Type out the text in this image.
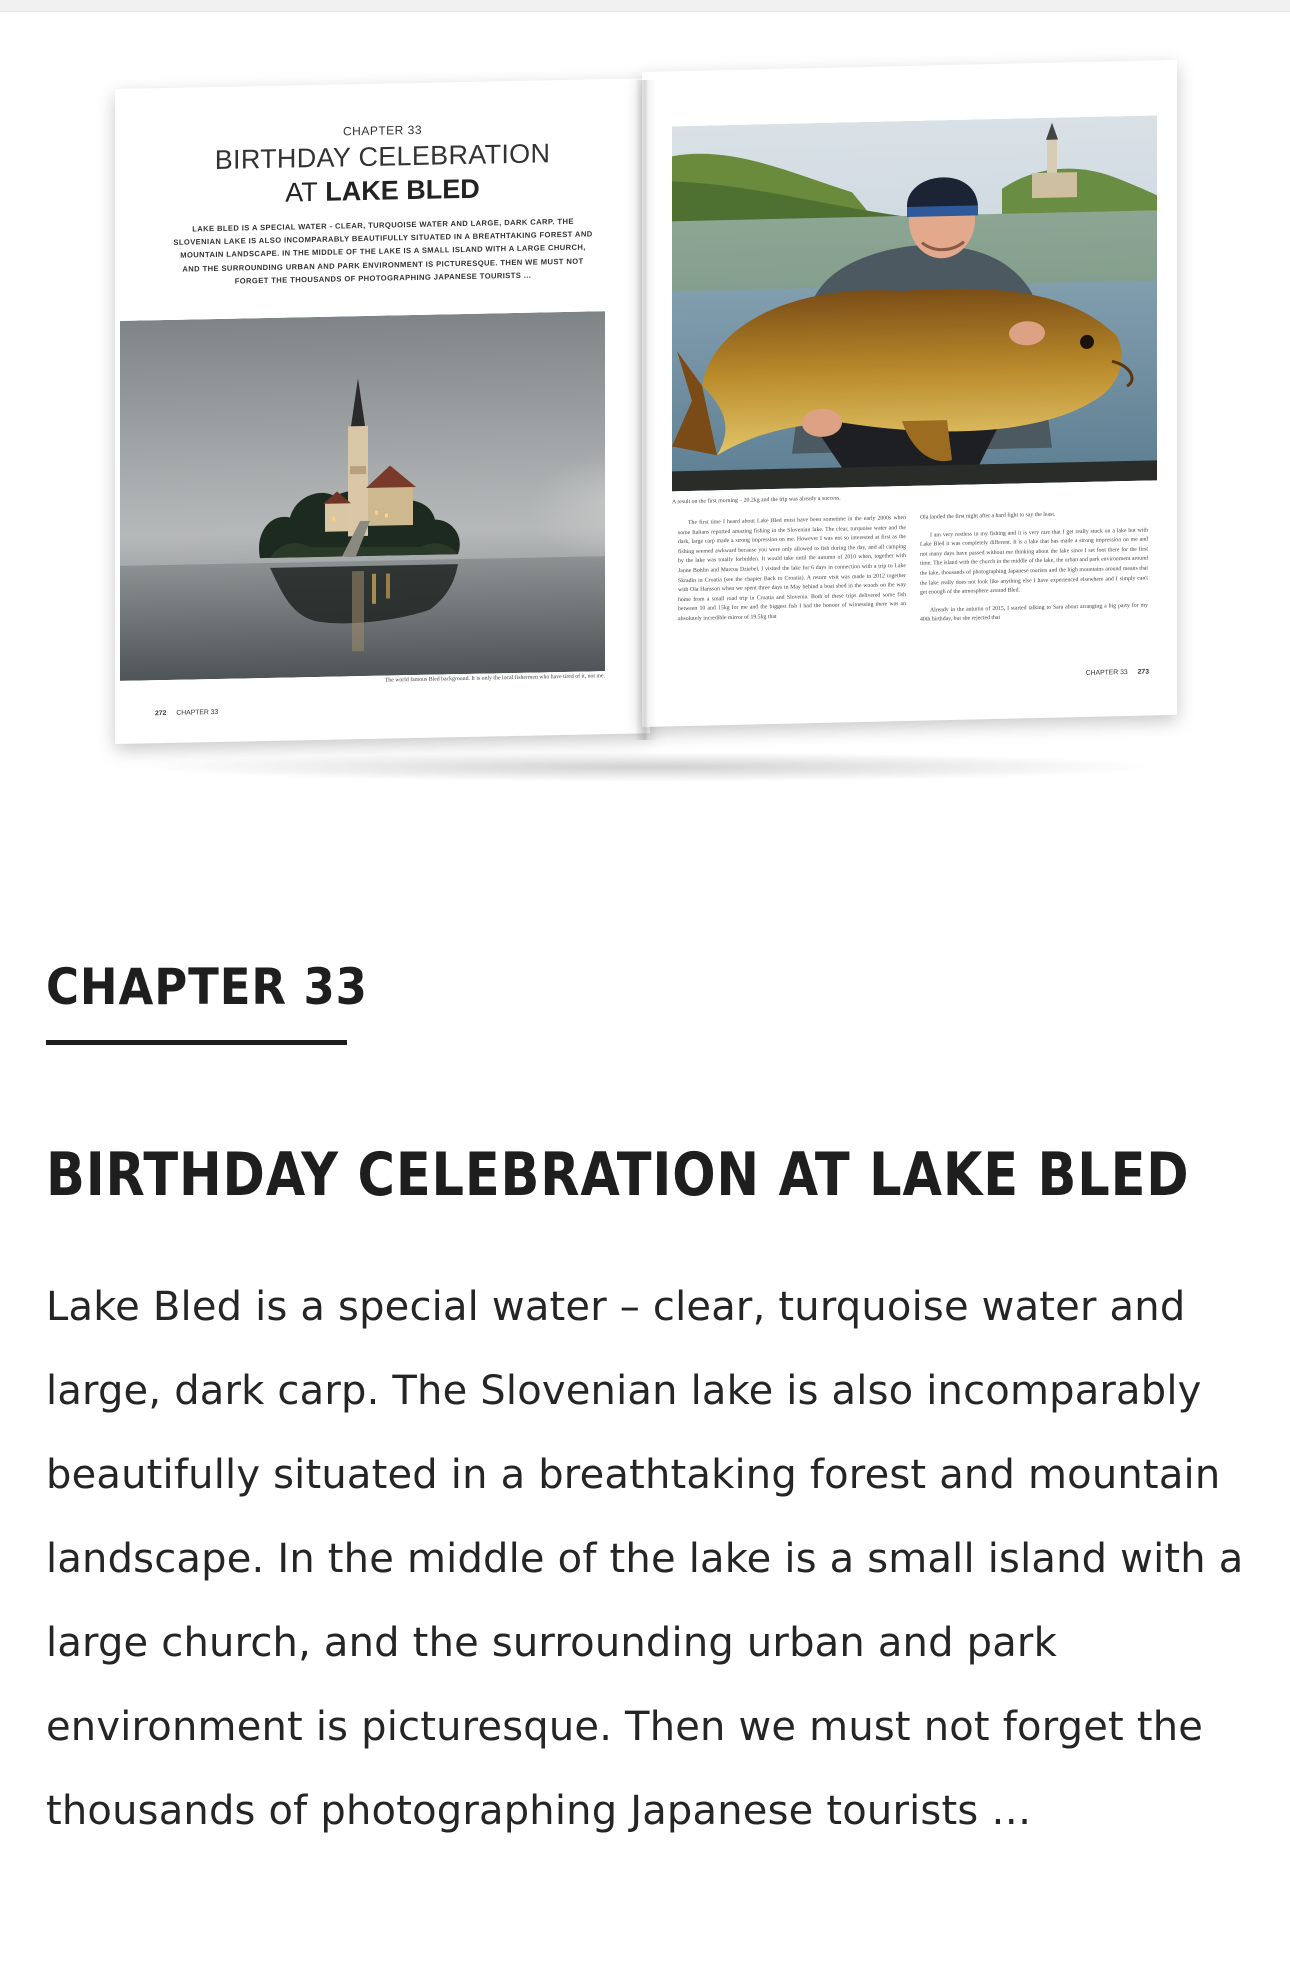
CHAPTER 33
BIRTHDAY CELEBRATION
AT LAKE BLED
LAKE BLED IS A SPECIAL WATER - CLEAR, TURQUOISE WATER AND LARGE, DARK CARP. THE SLOVENIAN LAKE IS ALSO INCOMPARABLY BEAUTIFULLY SITUATED IN A BREATHTAKING FOREST AND MOUNTAIN LANDSCAPE. IN THE MIDDLE OF THE LAKE IS A SMALL ISLAND WITH A LARGE CHURCH, AND THE SURROUNDING URBAN AND PARK ENVIRONMENT IS PICTURESQUE. THEN WE MUST NOT FORGET THE THOUSANDS OF PHOTOGRAPHING JAPANESE TOURISTS ...
The world famous Bled background. It is only the local fishermen who have tired of it, not me.
272 CHAPTER 33
A result on the first morning – 20.2kg and the trip was already a success.

The first time I heard about Lake Bled must have been sometime in the early 2000s when some Italians reported amazing fishing in the Slovenian lake. The clear, turquoise water and the dark, large carp made a strong impression on me. However I was not so interested at first as the fishing seemed awkward because you were only allowed to fish during the day, and all camping by the lake was totally forbidden. It would take until the autumn of 2010 when, together with Janne Bohlin and Marcus Dziebel, I visited the lake for 6 days in connection with a trip to Lake Skradin in Croatia (see the chapter Back to Croatia). A return visit was made in 2012 together with Ola Hansson when we spent three days in May behind a boat shed in the woods on the way home from a small road trip in Croatia and Slovenia. Both of these trips delivered some fish between 10 and 15kg for me and the biggest fish I had the honour of witnessing there was an absolutely incredible mirror of 19.5kg that

Ola landed the first night after a hard fight to say the least.

I am very restless in my fishing and it is very rare that I get really stuck on a lake but with Lake Bled it was completely different. It is a lake that has made a strong impression on me and not many days have passed without me thinking about the lake since I set foot there for the first time. The island with the church in the middle of the lake, the urban and park environment around the lake, thousands of photographing Japanese tourists and the high mountains around means that the lake really does not look like anything else I have experienced elsewhere and I simply can't get enough of the atmosphere around Bled.

Already in the autumn of 2015, I started talking to Sara about arranging a big party for my 40th birthday, but she rejected that

CHAPTER 33 273
CHAPTER 33
BIRTHDAY CELEBRATION AT LAKE BLED

Lake Bled is a special water – clear, turquoise water and large, dark carp. The Slovenian lake is also incomparably beautifully situated in a breathtaking forest and mountain landscape. In the middle of the lake is a small island with a large church, and the surrounding urban and park environment is picturesque. Then we must not forget the thousands of photographing Japanese tourists …
